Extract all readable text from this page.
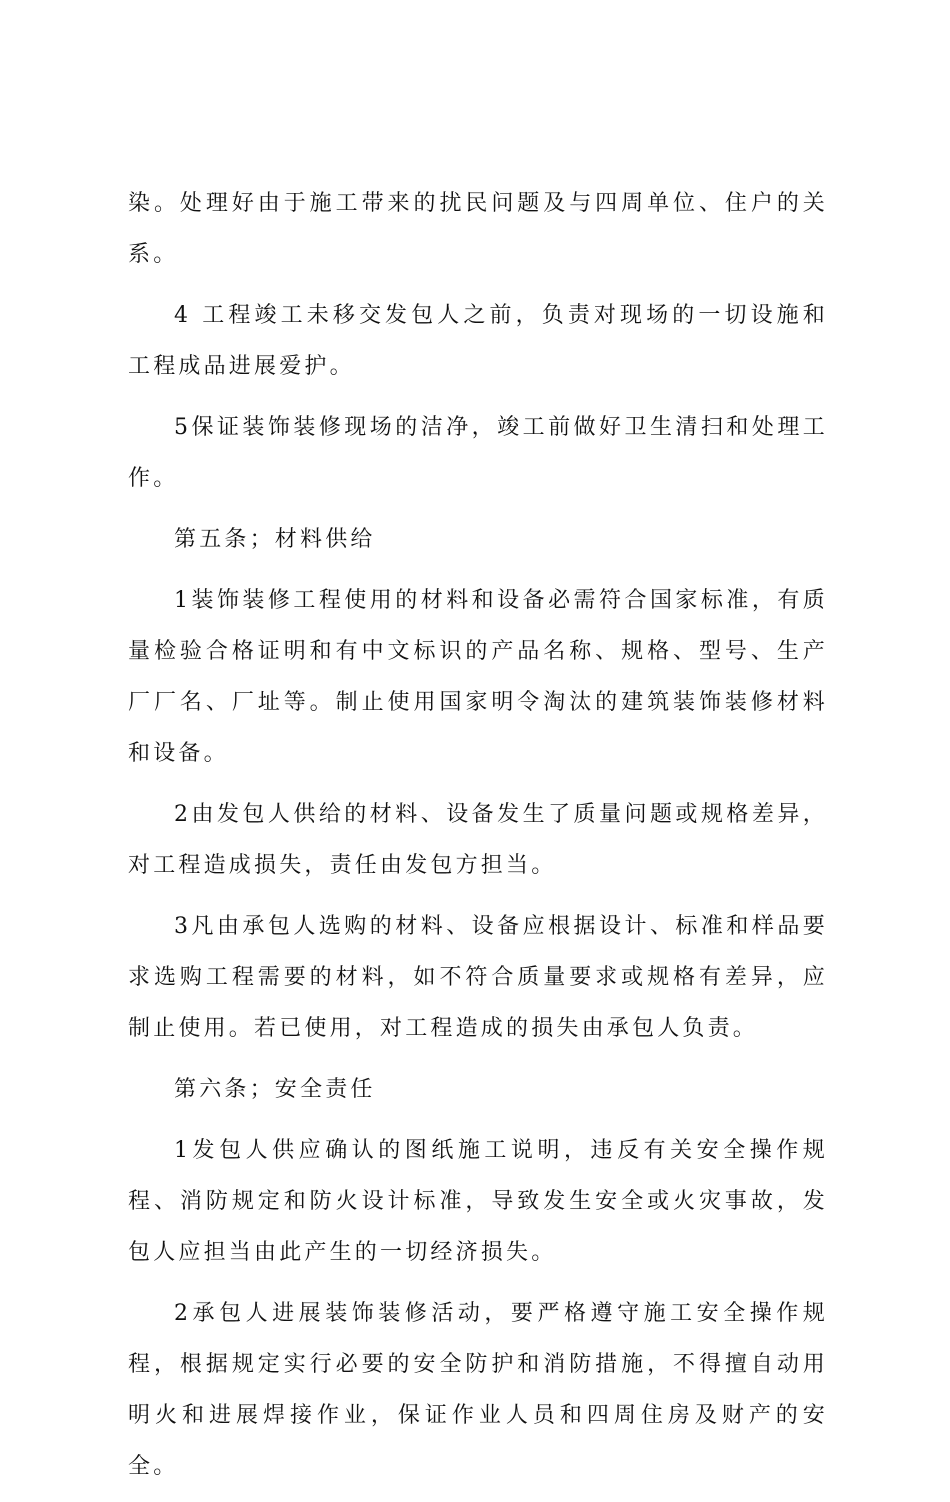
染。处理好由于施工带来的扰民问题及与四周单位、住户的关系。

4 工程竣工未移交发包人之前，负责对现场的一切设施和工程成品进展爱护。

5保证装饰装修现场的洁净，竣工前做好卫生清扫和处理工作。

第五条；材料供给

1装饰装修工程使用的材料和设备必需符合国家标准，有质量检验合格证明和有中文标识的产品名称、规格、型号、生产厂厂名、厂址等。制止使用国家明令淘汰的建筑装饰装修材料和设备。

2由发包人供给的材料、设备发生了质量问题或规格差异，对工程造成损失，责任由发包方担当。

3凡由承包人选购的材料、设备应根据设计、标准和样品要求选购工程需要的材料，如不符合质量要求或规格有差异，应制止使用。若已使用，对工程造成的损失由承包人负责。

第六条；安全责任

1发包人供应确认的图纸施工说明，违反有关安全操作规程、消防规定和防火设计标准，导致发生安全或火灾事故，发包人应担当由此产生的一切经济损失。

2承包人进展装饰装修活动，要严格遵守施工安全操作规程，根据规定实行必要的安全防护和消防措施，不得擅自动用明火和进展焊接作业，保证作业人员和四周住房及财产的安全。
